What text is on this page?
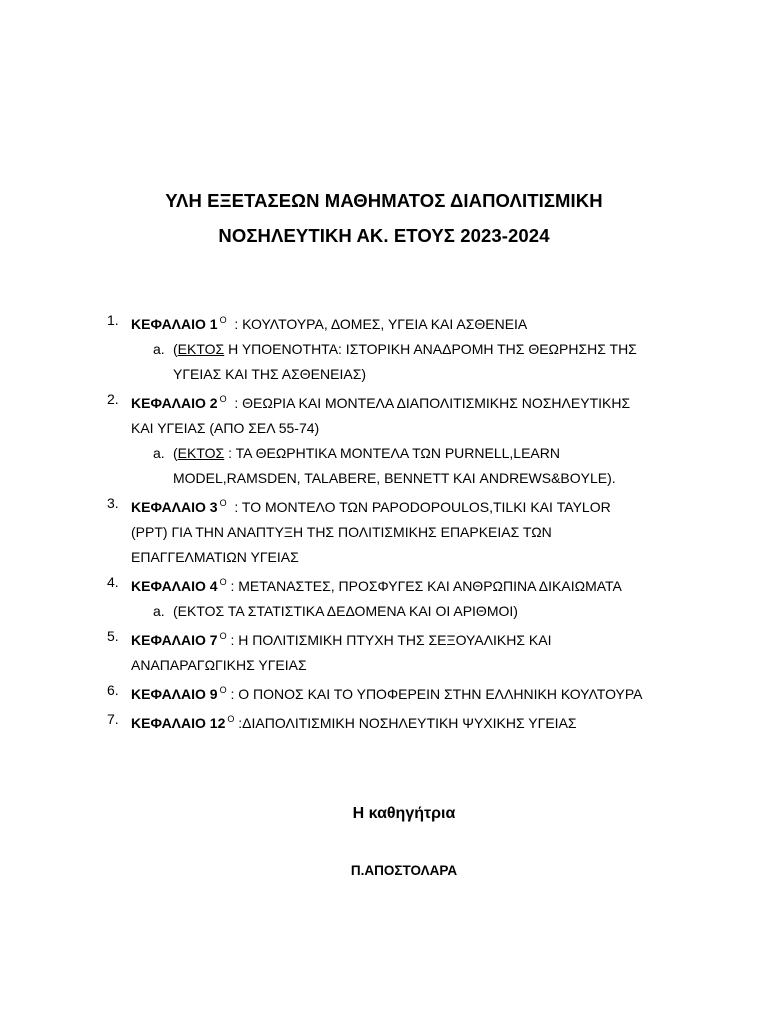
ΥΛΗ ΕΞΕΤΑΣΕΩΝ ΜΑΘΗΜΑΤΟΣ ΔΙΑΠΟΛΙΤΙΣΜΙΚΗ
ΝΟΣΗΛΕΥΤΙΚΗ ΑΚ. ΕΤΟΥΣ 2023-2024
1. ΚΕΦΑΛΑΙΟ 1 $^O$  : ΚΟΥΛΤΟΥΡΑ, ΔΟΜΕΣ, ΥΓΕΙΑ ΚΑΙ ΑΣΘΕΝΕΙΑ
a. (ΕΚΤΟΣ Η ΥΠΟΕΝΟΤΗΤΑ: ΙΣΤΟΡΙΚΗ ΑΝΑΔΡΟΜΗ ΤΗΣ ΘΕΩΡΗΣΗΣ ΤΗΣ
ΥΓΕΙΑΣ ΚΑΙ ΤΗΣ ΑΣΘΕΝΕΙΑΣ)
2. ΚΕΦΑΛΑΙΟ 2 $^O$  : ΘΕΩΡΙΑ ΚΑΙ ΜΟΝΤΕΛΑ ΔΙΑΠΟΛΙΤΙΣΜΙΚΗΣ ΝΟΣΗΛΕΥΤΙΚΗΣ
ΚΑΙ ΥΓΕΙΑΣ (ΑΠΟ ΣΕΛ 55-74)
a. (ΕΚΤΟΣ : ΤΑ ΘΕΩΡΗΤΙΚΑ ΜΟΝΤΕΛΑ ΤΩΝ PURNELL,LEARN
MODEL,RAMSDEN, TALABERE, BENNETT ΚΑΙ ANDREWS&BOYLE).
3. ΚΕΦΑΛΑΙΟ 3 $^O$  : ΤΟ ΜΟΝΤΕΛΟ ΤΩΝ PAPODOPOULOS,TILKI ΚΑΙ TAYLOR
(PPT) ΓΙΑ ΤΗΝ ΑΝΑΠΤΥΞΗ ΤΗΣ ΠΟΛΙΤΙΣΜΙΚΗΣ ΕΠΑΡΚΕΙΑΣ ΤΩΝ
ΕΠΑΓΓΕΛΜΑΤΙΩΝ ΥΓΕΙΑΣ
4. ΚΕΦΑΛΑΙΟ 4 $^O$ : ΜΕΤΑΝΑΣΤΕΣ, ΠΡΟΣΦΥΓΕΣ ΚΑΙ ΑΝΘΡΩΠΙΝΑ ΔΙΚΑΙΩΜΑΤΑ
a. (ΕΚΤΟΣ ΤΑ ΣΤΑΤΙΣΤΙΚΑ ΔΕΔΟΜΕΝΑ ΚΑΙ ΟΙ ΑΡΙΘΜΟΙ)
5. ΚΕΦΑΛΑΙΟ 7 $^O$ : Η ΠΟΛΙΤΙΣΜΙΚΗ ΠΤΥΧΗ ΤΗΣ ΣΕΞΟΥΑΛΙΚΗΣ ΚΑΙ
ΑΝΑΠΑΡΑΓΩΓΙΚΗΣ ΥΓΕΙΑΣ
6. ΚΕΦΑΛΑΙΟ 9 $^O$ : Ο ΠΟΝΟΣ ΚΑΙ ΤΟ ΥΠΟΦΕΡΕΙΝ ΣΤΗΝ ΕΛΛΗΝΙΚΗ ΚΟΥΛΤΟΥΡΑ
7. ΚΕΦΑΛΑΙΟ 12 $^O$ :ΔΙΑΠΟΛΙΤΙΣΜΙΚΗ ΝΟΣΗΛΕΥΤΙΚΗ ΨΥΧΙΚΗΣ ΥΓΕΙΑΣ
Η καθηγήτρια
Π.ΑΠΟΣΤΟΛΑΡΑ
